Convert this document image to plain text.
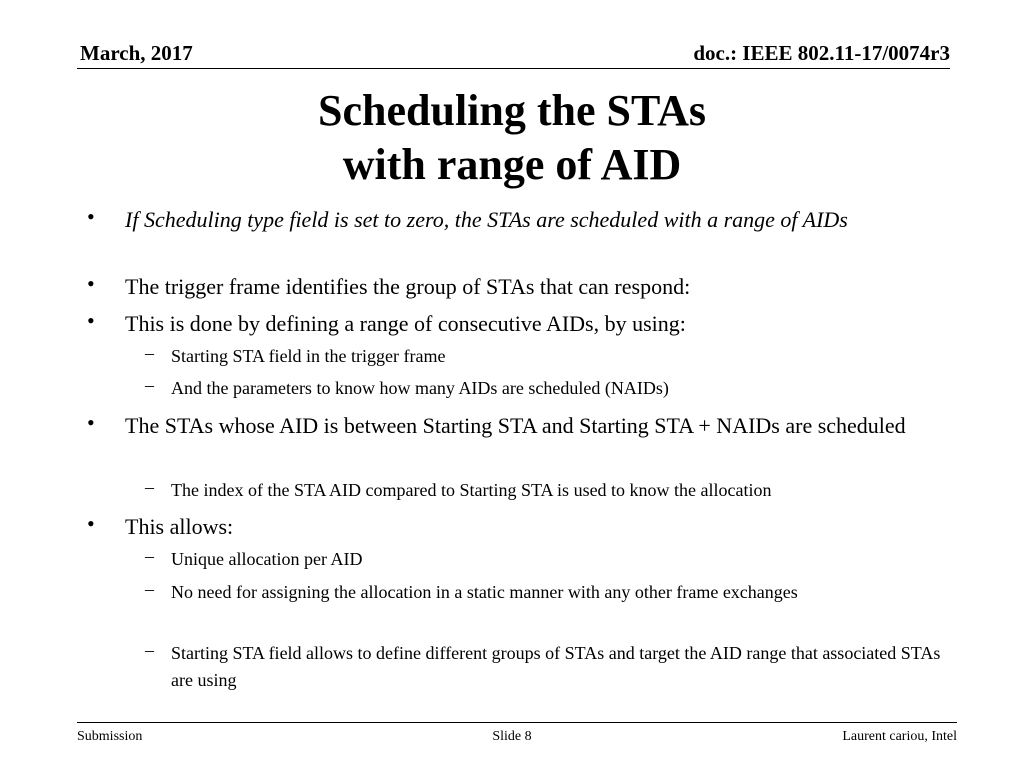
March, 2017	doc.: IEEE 802.11-17/0074r3
Scheduling the STAs
with range of AID
• If Scheduling type field is set to zero, the STAs are scheduled with a range of AIDs
• The trigger frame identifies the group of STAs that can respond:
• This is done by defining a range of consecutive AIDs, by using:
– Starting STA field in the trigger frame
– And the parameters to know how many AIDs are scheduled (NAIDs)
• The STAs whose AID is between Starting STA and Starting STA + NAIDs are scheduled
– The index of the STA AID compared to Starting STA is used to know the allocation
• This allows:
– Unique allocation per AID
– No need for assigning the allocation in a static manner with any other frame exchanges
– Starting STA field allows to define different groups of STAs and target the AID range that associated STAs are using
Submission	Slide 8	Laurent cariou, Intel
